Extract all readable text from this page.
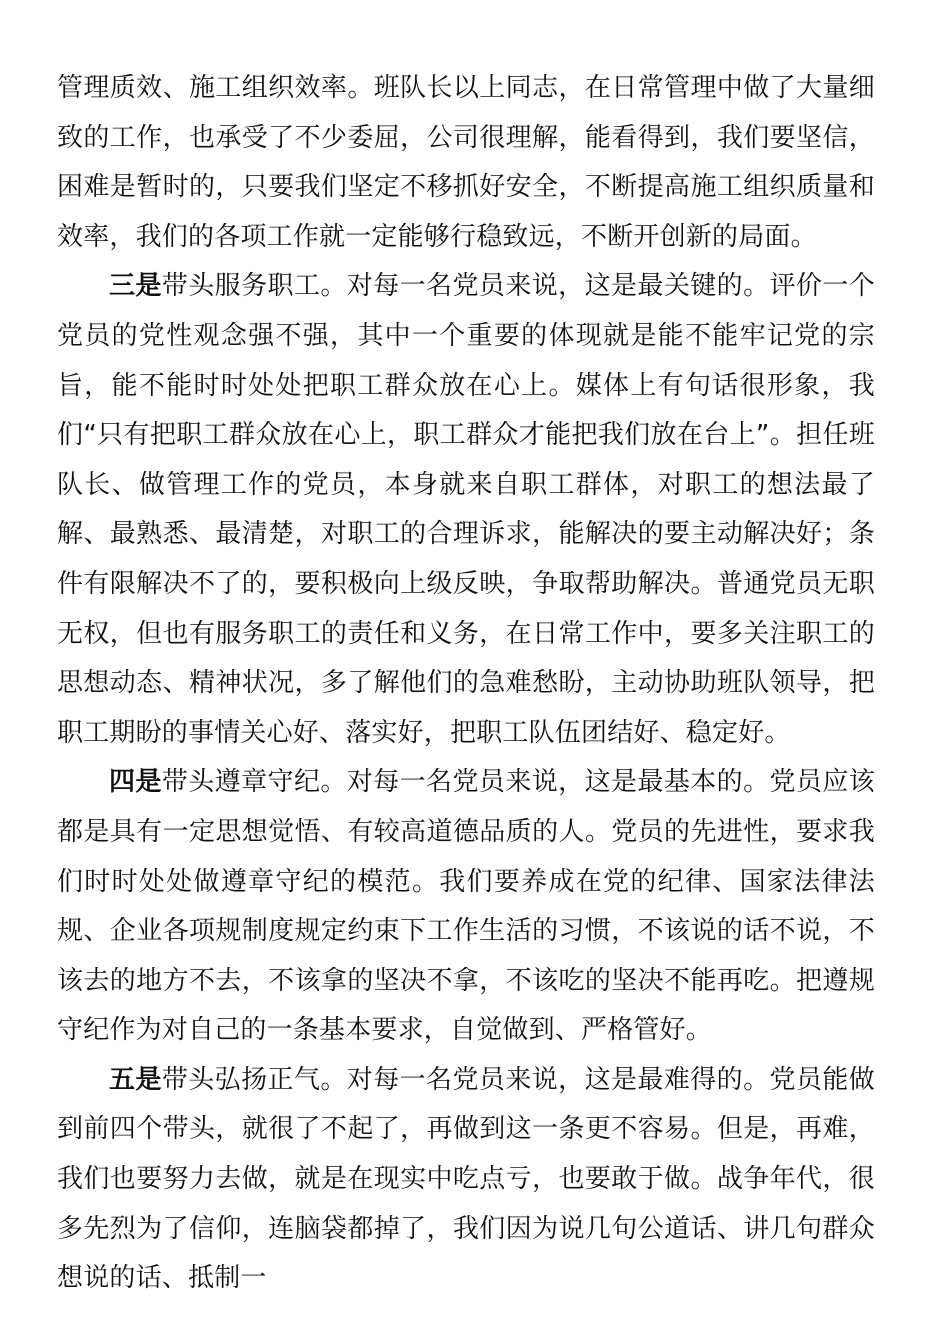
管理质效、施工组织效率。班队长以上同志，在日常管理中做了大量细致的工作，也承受了不少委屈，公司很理解，能看得到，我们要坚信，困难是暂时的，只要我们坚定不移抓好安全，不断提高施工组织质量和效率，我们的各项工作就一定能够行稳致远，不断开创新的局面。

三是带头服务职工。对每一名党员来说，这是最关键的。评价一个党员的党性观念强不强，其中一个重要的体现就是能不能牢记党的宗旨，能不能时时处处把职工群众放在心上。媒体上有句话很形象，我们“只有把职工群众放在心上，职工群众才能把我们放在台上”。担任班队长、做管理工作的党员，本身就来自职工群体，对职工的想法最了解、最熟悉、最清楚，对职工的合理诉求，能解决的要主动解决好；条件有限解决不了的，要积极向上级反映，争取帮助解决。普通党员无职无权，但也有服务职工的责任和义务，在日常工作中，要多关注职工的思想动态、精神状况，多了解他们的急难愁盼，主动协助班队领导，把职工期盼的事情关心好、落实好，把职工队伍团结好、稳定好。

四是带头遵章守纪。对每一名党员来说，这是最基本的。党员应该都是具有一定思想觉悟、有较高道德品质的人。党员的先进性，要求我们时时处处做遵章守纪的模范。我们要养成在党的纪律、国家法律法规、企业各项规制度规定约束下工作生活的习惯，不该说的话不说，不该去的地方不去，不该拿的坚决不拿，不该吃的坚决不能再吃。把遵规守纪作为对自己的一条基本要求，自觉做到、严格管好。

五是带头弘扬正气。对每一名党员来说，这是最难得的。党员能做到前四个带头，就很了不起了，再做到这一条更不容易。但是，再难，我们也要努力去做，就是在现实中吃点亏，也要敢于做。战争年代，很多先烈为了信仰，连脑袋都掉了，我们因为说几句公道话、讲几句群众想说的话、抵制一
